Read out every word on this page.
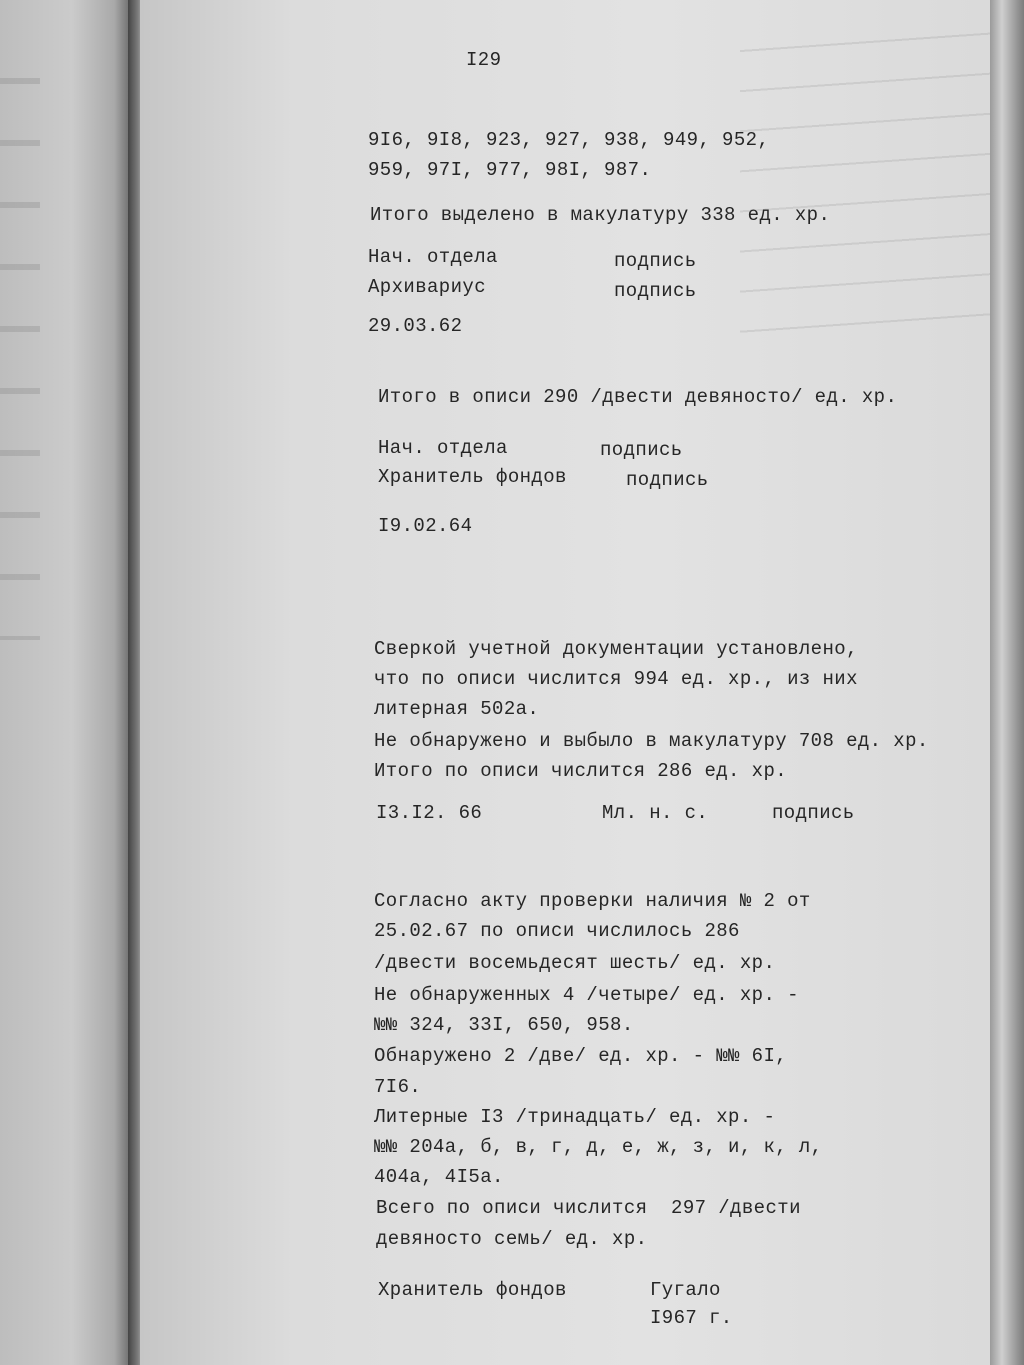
I29
9I6, 9I8, 923, 927, 938, 949, 952,
959, 97I, 977, 98I, 987.
Итого выделено в макулатуру 338 ед. хр.
Нач. отдела	подпись
Архивариус	подпись
29.03.62
Итого в описи 290 /двести девяносто/ ед. хр.
Нач. отдела	подпись
Хранитель фондов	подпись
I9.02.64
Сверкой учетной документации установлено,
что по описи числится 994 ед. хр., из них
литерная 502а.
Не обнаружено и выбыло в макулатуру 708 ед. хр.
Итого по описи числится 286 ед. хр.
I3.I2. 66	Мл. н. с.	подпись
Согласно акту проверки наличия № 2 от
25.02.67 по описи числилось 286
/двести восемьдесят шесть/ ед. хр.
Не обнаруженных 4 /четыре/ ед. хр. -
№№ 324, 33I, 650, 958.
Обнаружено 2 /две/ ед. хр. - №№ 6I,
7I6.
Литерные I3 /тринадцать/ ед. хр. -
№№ 204а, б, в, г, д, е, ж, з, и, к, л,
404а, 4I5а.
Всего по описи числится  297 /двести
девяносто семь/ ед. хр.
Хранитель фондов	Гугало
I967 г.
